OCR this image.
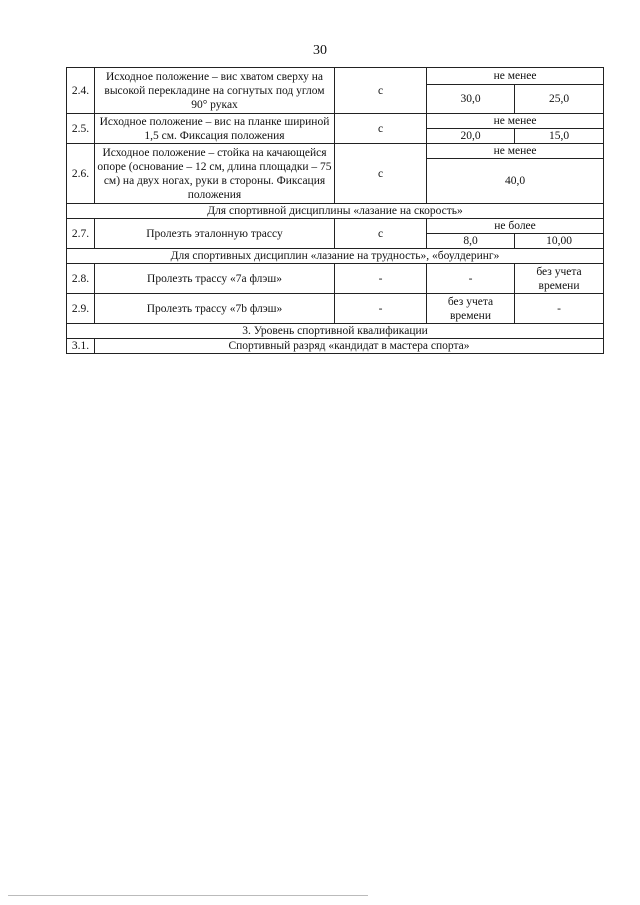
30
2.4.	Исходное положение – вис хватом сверху на высокой перекладине на согнутых под углом 90° руках	с	не менее	
			30,0	25,0
2.5.	Исходное положение – вис на планке шириной 1,5 см. Фиксация положения	с	не менее	
			20,0	15,0
2.6.	Исходное положение – стойка на качающейся опоре (основание – 12 см, длина площадки – 75 см) на двух ногах, руки в стороны. Фиксация положения	с	не менее	
			40,0	
Для спортивной дисциплины «лазание на скорость»				
2.7.	Пролезть эталонную трассу	с	не более	
			8,0	10,00
Для спортивных дисциплин «лазание на трудность», «боулдеринг»				
2.8.	Пролезть трассу «7а флэш»	-	-	без учета времени
2.9.	Пролезть трассу «7b флэш»	-	без учета времени	-
3. Уровень спортивной квалификации				
3.1.	Спортивный разряд «кандидат в мастера спорта»			
